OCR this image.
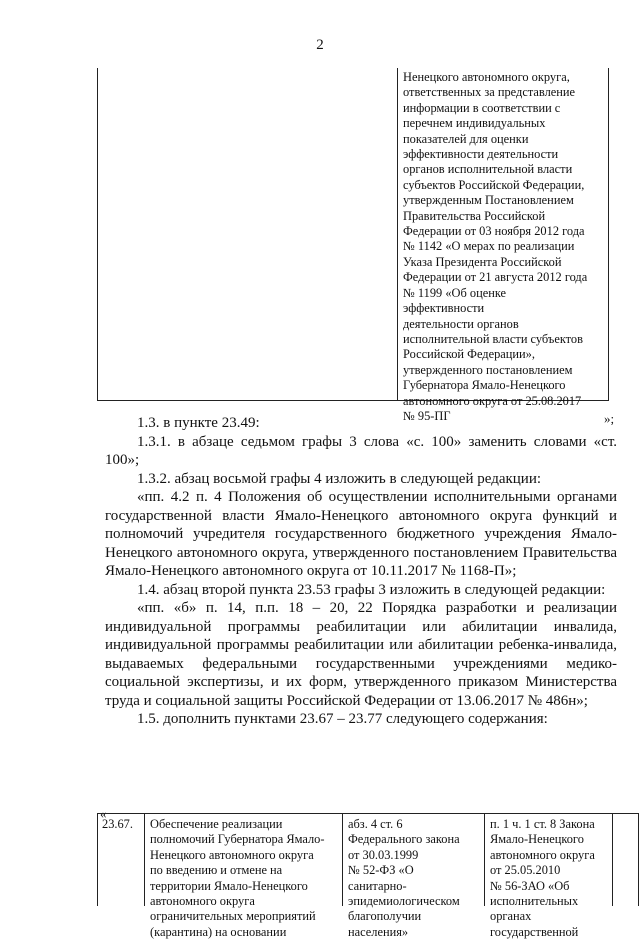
2
Ненецкого автономного округа,
ответственных за представление
информации в соответствии с
перечнем индивидуальных
показателей для оценки
эффективности деятельности
органов исполнительной власти
субъектов Российской Федерации,
утвержденным Постановлением
Правительства Российской
Федерации от 03 ноября 2012 года
№ 1142 «О мерах по реализации
Указа Президента Российской
Федерации от 21 августа 2012 года
№ 1199 «Об оценке эффективности
деятельности органов
исполнительной власти субъектов
Российской Федерации»,
утвержденного постановлением
Губернатора Ямало-Ненецкого
автономного округа от 25.08.2017
№ 95-ПГ	»;

1.3. в пункте 23.49:

1.3.1. в абзаце седьмом графы 3 слова «с. 100» заменить словами «ст. 100»;

1.3.2. абзац восьмой графы 4 изложить в следующей редакции:

«пп. 4.2 п. 4 Положения об осуществлении исполнительными органами государственной власти Ямало-Ненецкого автономного округа функций и полномочий учредителя государственного бюджетного учреждения Ямало-Ненецкого автономного округа, утвержденного постановлением Правительства Ямало-Ненецкого автономного округа от 10.11.2017 № 1168-П»;

1.4. абзац второй пункта 23.53 графы 3 изложить в следующей редакции:

«пп. «б» п. 14, п.п. 18 – 20, 22 Порядка разработки и реализации индивидуальной программы реабилитации или абилитации инвалида, индивидуальной программы реабилитации или абилитации ребенка-инвалида, выдаваемых федеральными государственными учреждениями медико-социальной экспертизы, и их форм, утвержденного приказом Министерства труда и социальной защиты Российской Федерации от 13.06.2017 № 486н»;

1.5. дополнить пунктами 23.67 – 23.77 следующего содержания:

«
23.67.	Обеспечение реализации
полномочий Губернатора Ямало-
Ненецкого автономного округа
по введению и отмене на
территории Ямало-Ненецкого
автономного округа
ограничительных мероприятий
(карантина) на основании
абз. 4 ст. 6
Федерального закона
от 30.03.1999
№ 52-ФЗ «О
санитарно-
эпидемиологическом
благополучии
населения»
п. 1 ч. 1 ст. 8 Закона
Ямало-Ненецкого
автономного округа
от 25.05.2010
№ 56-ЗАО «Об
исполнительных
органах
государственной
